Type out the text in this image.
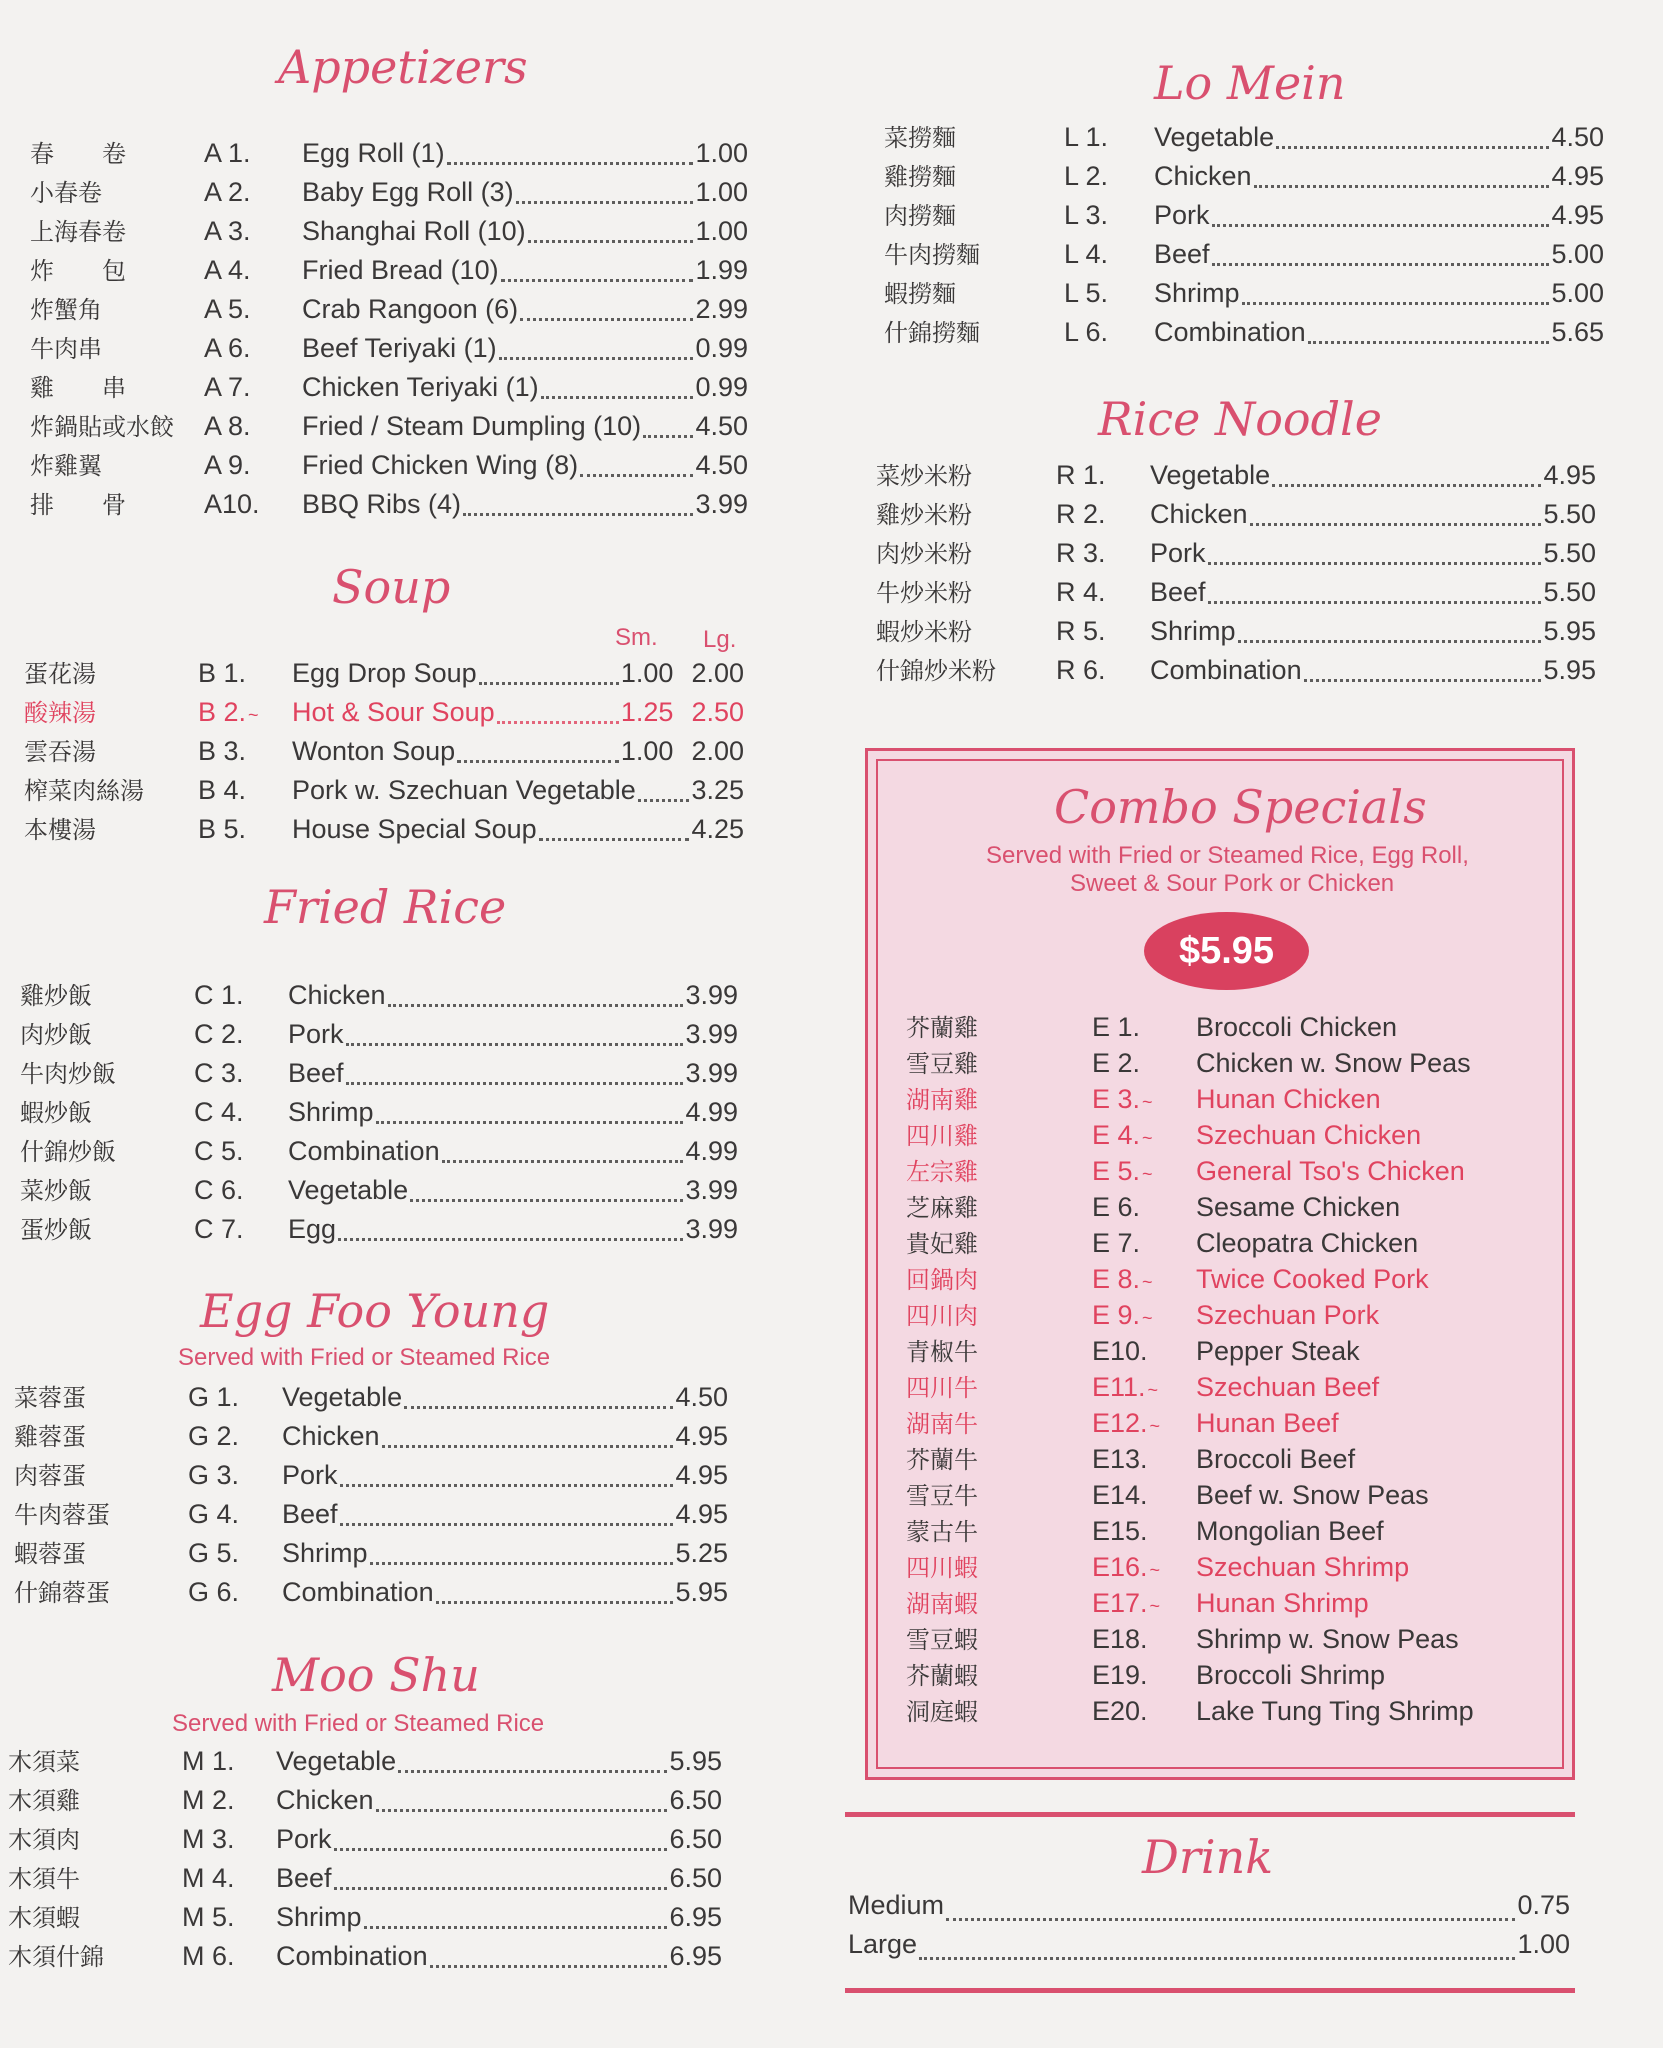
Appetizers
春　　卷	A 1.	Egg Roll (1)	1.00
小春卷	A 2.	Baby Egg Roll (3)	1.00
上海春卷	A 3.	Shanghai Roll (10)	1.00
炸　　包	A 4.	Fried Bread (10)	1.99
炸蟹角	A 5.	Crab Rangoon (6)	2.99
牛肉串	A 6.	Beef Teriyaki (1)	0.99
雞　　串	A 7.	Chicken Teriyaki (1)	0.99
炸鍋貼或水餃 A 8.	Fried / Steam Dumpling (10) 4.50
炸雞翼	A 9.	Fried Chicken Wing (8)	4.50
排　　骨	A10.	BBQ Ribs (4)	3.99
Soup
Sm. Lg.
蛋花湯	B 1.	Egg Drop Soup	1.00 2.00
酸辣湯	B 2. ~	Hot & Sour Soup	1.25 2.50
雲吞湯	B 3.	Wonton Soup	1.00 2.00
榨菜肉絲湯	B 4.	Pork w. Szechuan Vegetable 3.25
本樓湯	B 5.	House Special Soup	4.25
Fried Rice
雞炒飯	C 1.	Chicken	3.99
肉炒飯	C 2.	Pork	3.99
牛肉炒飯	C 3.	Beef	3.99
蝦炒飯	C 4.	Shrimp	4.99
什錦炒飯	C 5.	Combination	4.99
菜炒飯	C 6.	Vegetable	3.99
蛋炒飯	C 7.	Egg	3.99
Egg Foo Young
Served with Fried or Steamed Rice
菜蓉蛋	G 1.	Vegetable	4.50
雞蓉蛋	G 2.	Chicken	4.95
肉蓉蛋	G 3.	Pork	4.95
牛肉蓉蛋	G 4.	Beef	4.95
蝦蓉蛋	G 5.	Shrimp	5.25
什錦蓉蛋	G 6.	Combination	5.95
Moo Shu
Served with Fried or Steamed Rice
木須菜	M 1.	Vegetable	5.95
木須雞	M 2.	Chicken	6.50
木須肉	M 3.	Pork	6.50
木須牛	M 4.	Beef	6.50
木須蝦	M 5.	Shrimp	6.95
木須什錦	M 6.	Combination	6.95
Lo Mein
菜撈麵	L 1.	Vegetable	4.50
雞撈麵	L 2.	Chicken	4.95
肉撈麵	L 3.	Pork	4.95
牛肉撈麵	L 4.	Beef	5.00
蝦撈麵	L 5.	Shrimp	5.00
什錦撈麵	L 6.	Combination	5.65
Rice Noodle
菜炒米粉	R 1.	Vegetable	4.95
雞炒米粉	R 2.	Chicken	5.50
肉炒米粉	R 3.	Pork	5.50
牛炒米粉	R 4.	Beef	5.50
蝦炒米粉	R 5.	Shrimp	5.95
什錦炒米粉	R 6.	Combination	5.95
Combo Specials
Served with Fried or Steamed Rice, Egg Roll,
Sweet & Sour Pork or Chicken
$5.95
芥蘭雞	E 1.	Broccoli Chicken
雪豆雞	E 2.	Chicken w. Snow Peas
湖南雞	E 3. ~	Hunan Chicken
四川雞	E 4. ~	Szechuan Chicken
左宗雞	E 5. ~	General Tso's Chicken
芝麻雞	E 6.	Sesame Chicken
貴妃雞	E 7.	Cleopatra Chicken
回鍋肉	E 8. ~	Twice Cooked Pork
四川肉	E 9. ~	Szechuan Pork
青椒牛	E10.	Pepper Steak
四川牛	E11. ~	Szechuan Beef
湖南牛	E12. ~	Hunan Beef
芥蘭牛	E13.	Broccoli Beef
雪豆牛	E14.	Beef w. Snow Peas
蒙古牛	E15.	Mongolian Beef
四川蝦	E16. ~	Szechuan Shrimp
湖南蝦	E17. ~	Hunan Shrimp
雪豆蝦	E18.	Shrimp w. Snow Peas
芥蘭蝦	E19.	Broccoli Shrimp
洞庭蝦	E20.	Lake Tung Ting Shrimp
Drink
Medium	0.75
Large	1.00
